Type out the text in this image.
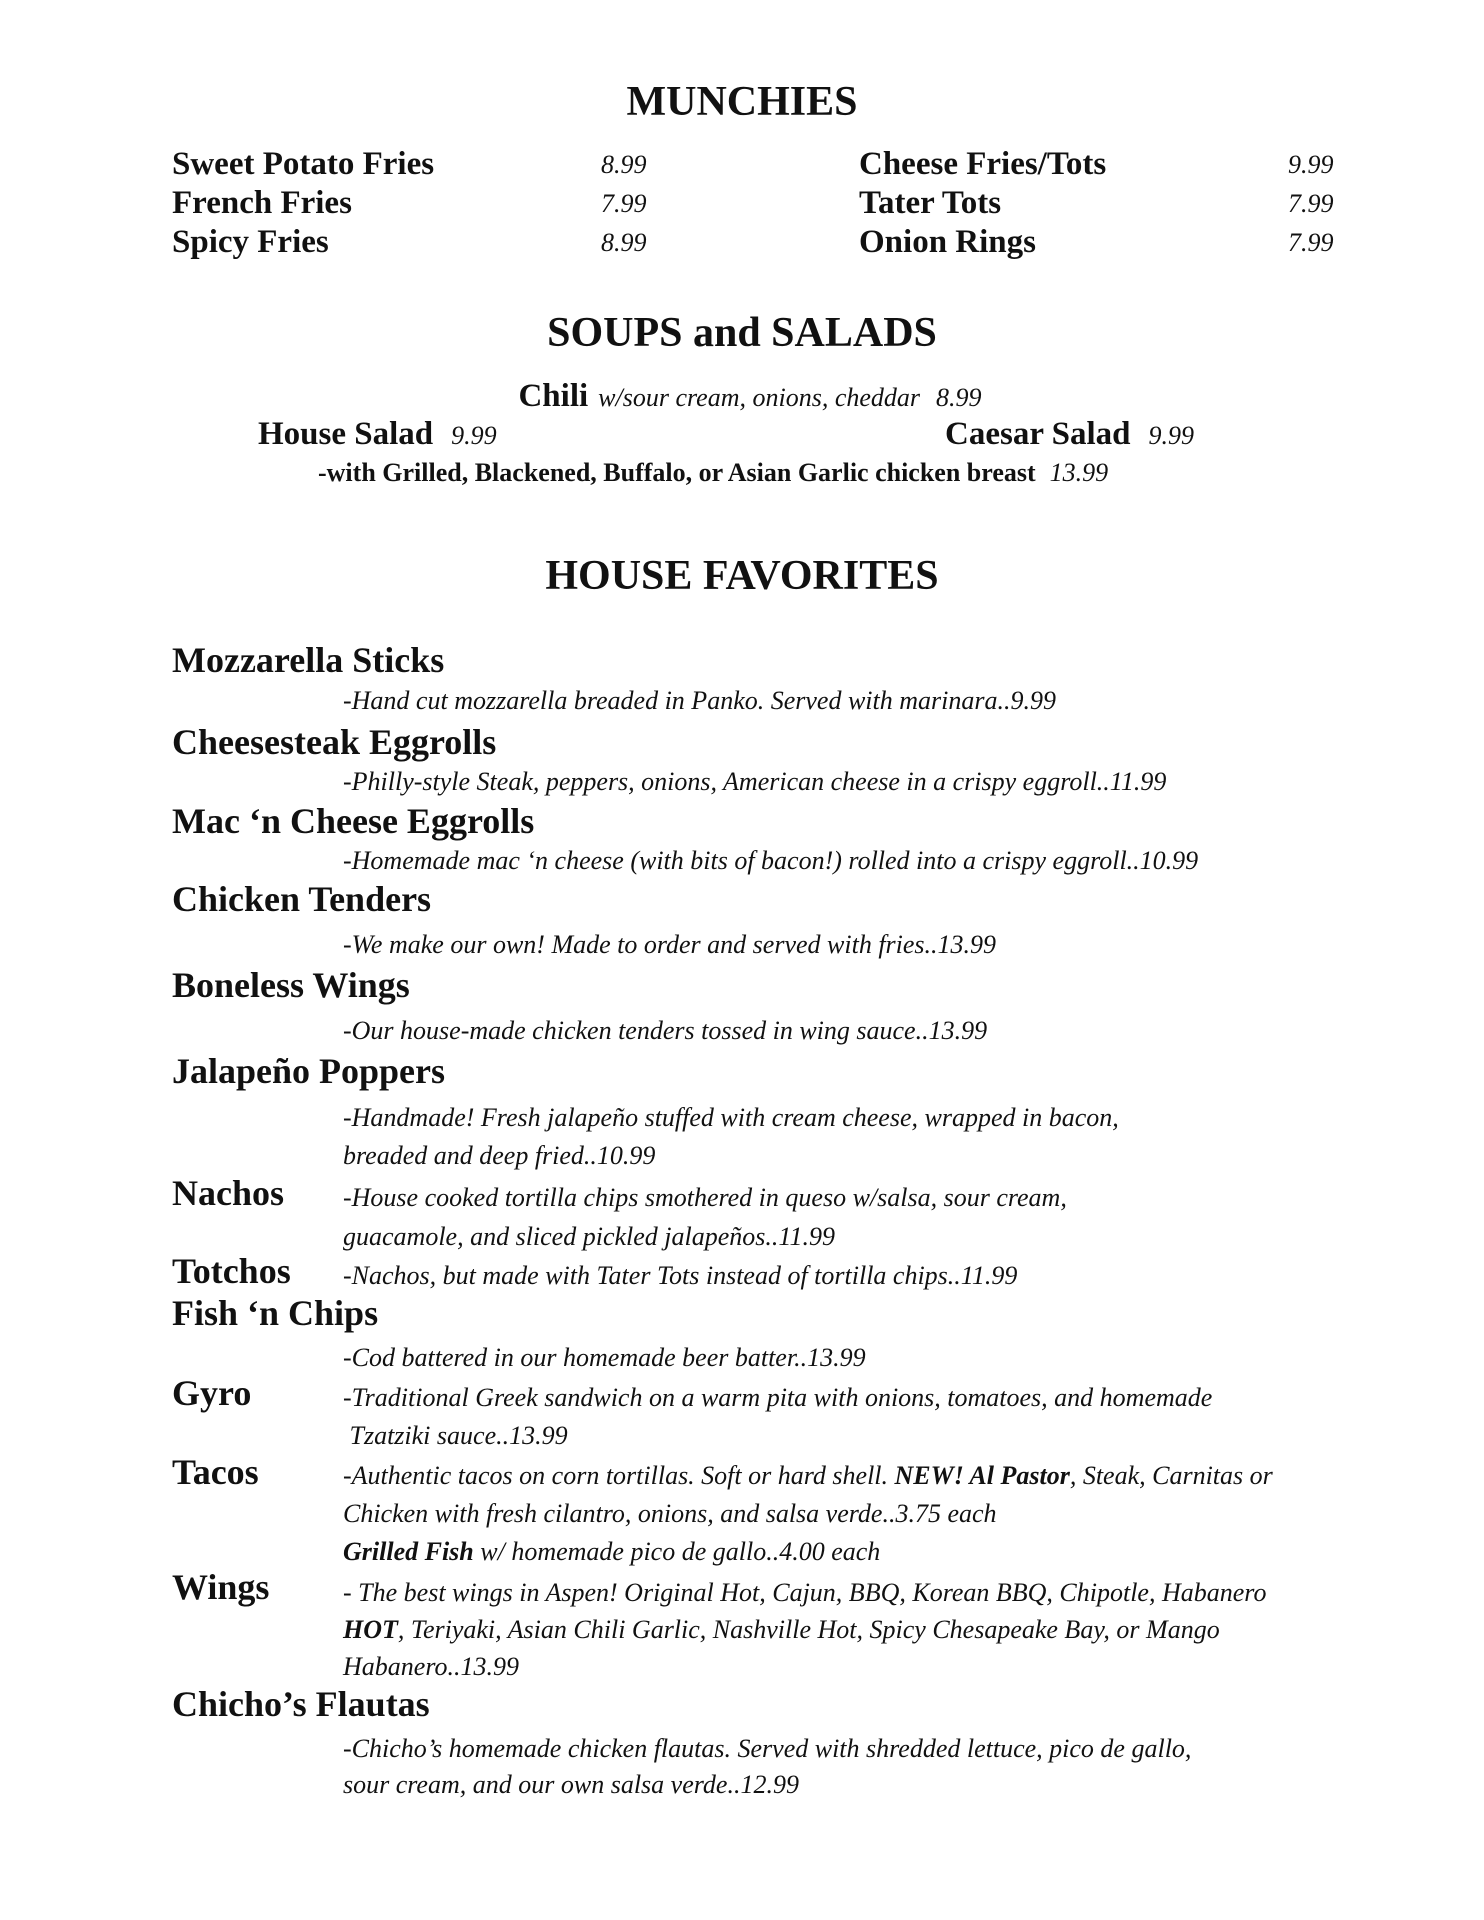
MUNCHIES
Sweet Potato Fries	8.99
French Fries	7.99
Spicy Fries	8.99
Cheese Fries/Tots	9.99
Tater Tots	7.99
Onion Rings	7.99
SOUPS and SALADS
Chili w/sour cream, onions, cheddar 8.99
House Salad 9.99	Caesar Salad 9.99
-with Grilled, Blackened, Buffalo, or Asian Garlic chicken breast 13.99
HOUSE FAVORITES
Mozzarella Sticks
-Hand cut mozzarella breaded in Panko. Served with marinara..9.99
Cheesesteak Eggrolls
-Philly-style Steak, peppers, onions, American cheese in a crispy eggroll..11.99
Mac ‘n Cheese Eggrolls
-Homemade mac ‘n cheese (with bits of bacon!) rolled into a crispy eggroll..10.99
Chicken Tenders
-We make our own! Made to order and served with fries..13.99
Boneless Wings
-Our house-made chicken tenders tossed in wing sauce..13.99
Jalapeño Poppers
-Handmade! Fresh jalapeño stuffed with cream cheese, wrapped in bacon,
breaded and deep fried..10.99
Nachos -House cooked tortilla chips smothered in queso w/salsa, sour cream,
guacamole, and sliced pickled jalapeños..11.99
Totchos -Nachos, but made with Tater Tots instead of tortilla chips..11.99
Fish ‘n Chips
-Cod battered in our homemade beer batter..13.99
Gyro	-Traditional Greek sandwich on a warm pita with onions, tomatoes, and homemade
Tzatziki sauce..13.99
Tacos	-Authentic tacos on corn tortillas. Soft or hard shell. NEW! Al Pastor, Steak, Carnitas or
Chicken with fresh cilantro, onions, and salsa verde..3.75 each
Grilled Fish w/ homemade pico de gallo..4.00 each
Wings	- The best wings in Aspen! Original Hot, Cajun, BBQ, Korean BBQ, Chipotle, Habanero
HOT, Teriyaki, Asian Chili Garlic, Nashville Hot, Spicy Chesapeake Bay, or Mango
Habanero..13.99
Chicho’s Flautas
-Chicho’s homemade chicken flautas. Served with shredded lettuce, pico de gallo,
sour cream, and our own salsa verde..12.99
